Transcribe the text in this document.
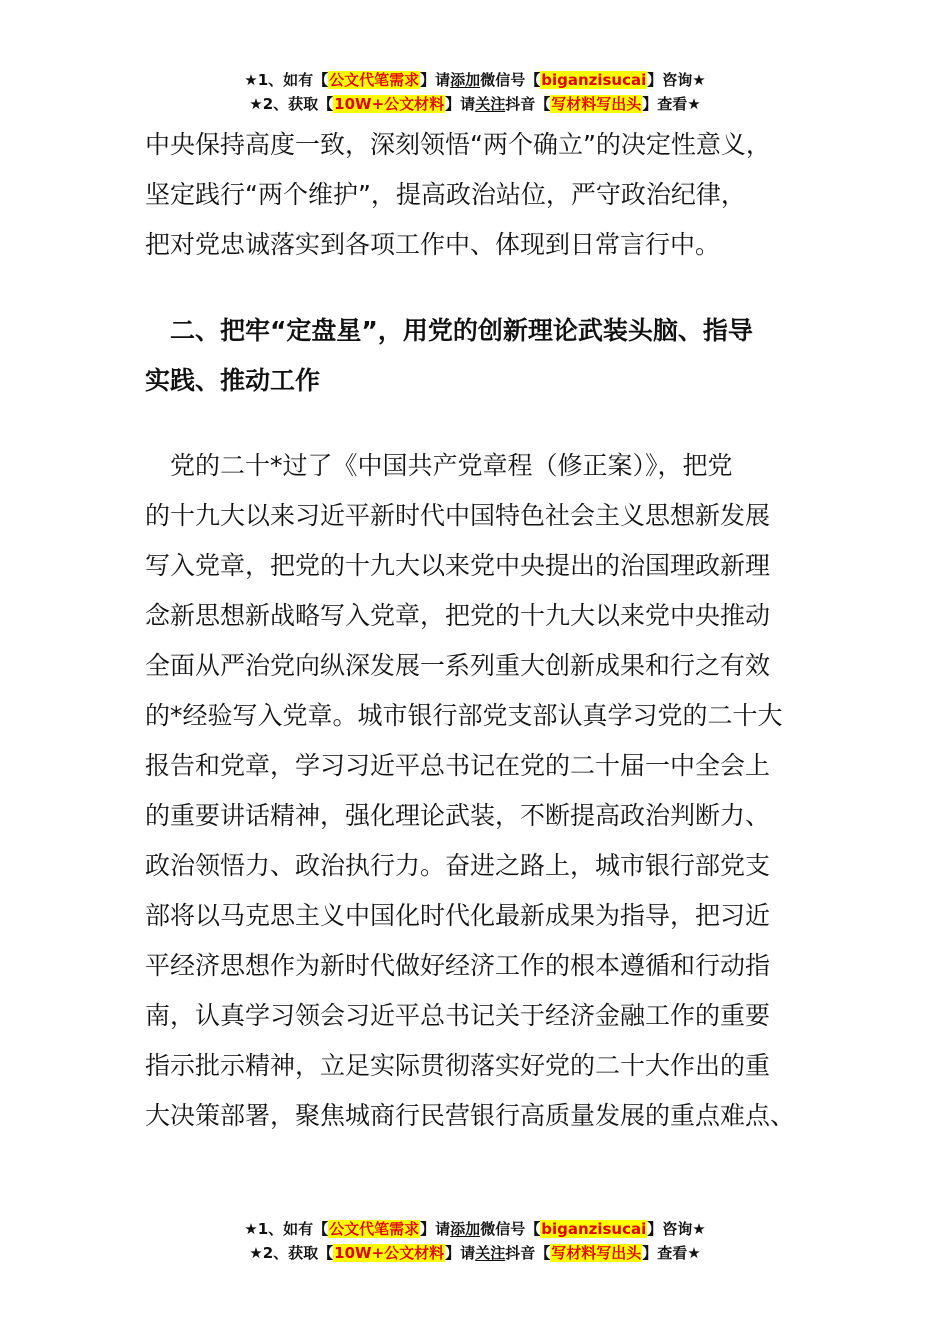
★1、如有【公文代笔需求】请添加微信号【biganzisucai】咨询★
★2、获取【10W+公文材料】请关注抖音【写材料写出头】查看★
中央保持高度一致，深刻领悟“两个确立”的决定性意义，
坚定践行“两个维护”，提高政治站位，严守政治纪律，
把对党忠诚落实到各项工作中、体现到日常言行中。
　二、把牢“定盘星”，用党的创新理论武装头脑、指导
实践、推动工作
　党的二十*过了《中国共产党章程（修正案）》，把党
的十九大以来习近平新时代中国特色社会主义思想新发展
写入党章，把党的十九大以来党中央提出的治国理政新理
念新思想新战略写入党章，把党的十九大以来党中央推动
全面从严治党向纵深发展一系列重大创新成果和行之有效
的*经验写入党章。城市银行部党支部认真学习党的二十大
报告和党章，学习习近平总书记在党的二十届一中全会上
的重要讲话精神，强化理论武装，不断提高政治判断力、
政治领悟力、政治执行力。奋进之路上，城市银行部党支
部将以马克思主义中国化时代化最新成果为指导，把习近
平经济思想作为新时代做好经济工作的根本遵循和行动指
南，认真学习领会习近平总书记关于经济金融工作的重要
指示批示精神，立足实际贯彻落实好党的二十大作出的重
大决策部署，聚焦城商行民营银行高质量发展的重点难点、
★1、如有【公文代笔需求】请添加微信号【biganzisucai】咨询★
★2、获取【10W+公文材料】请关注抖音【写材料写出头】查看★
